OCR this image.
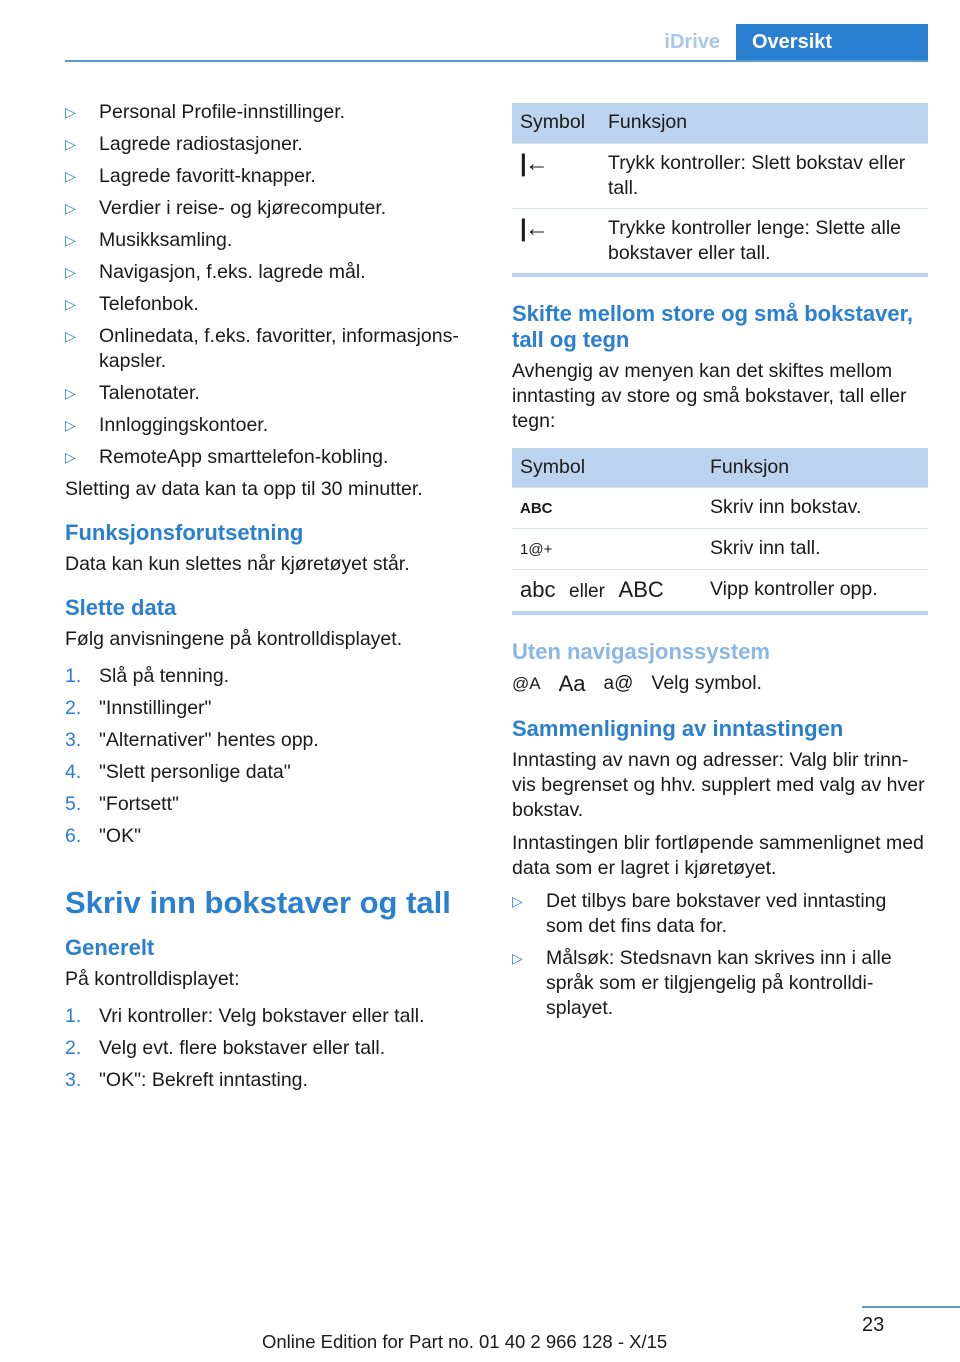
iDrive	Oversikt
▷ Personal Profile-innstillinger.
▷ Lagrede radiostasjoner.
▷ Lagrede favoritt-knapper.
▷ Verdier i reise- og kjørecomputer.
▷ Musikksamling.
▷ Navigasjon, f.eks. lagrede mål.
▷ Telefonbok.
▷ Onlinedata, f.eks. favoritter, informasjons-kapsler.
▷ Talenotater.
▷ Innloggingskontoer.
▷ RemoteApp smarttelefon-kobling.

Sletting av data kan ta opp til 30 minutter.

Funksjonsforutsetning

Data kan kun slettes når kjøretøyet står.

Slette data

Følg anvisningene på kontrolldisplayet.

1. Slå på tenning.
2. "Innstillinger"
3. "Alternativer" hentes opp.
4. "Slett personlige data"
5. "Fortsett"
6. "OK"
Skriv inn bokstaver og tall
Generelt

På kontrolldisplayet:

1. Vri kontroller: Velg bokstaver eller tall.
2. Velg evt. flere bokstaver eller tall.
3. "OK": Bekreft inntasting.
Symbol	Funksjon
|←	Trykk kontroller: Slett bokstav eller tall.
|←	Trykke kontroller lenge: Slette alle bokstaver eller tall.
Skifte mellom store og små bokstaver, tall og tegn

Avhengig av menyen kan det skiftes mellom inntasting av store og små bokstaver, tall eller tegn:

Symbol	Funksjon
ABC	Skriv inn bokstav.
1@+	Skriv inn tall.
abc eller ABC	Vipp kontroller opp.
Uten navigasjonssystem
@A Aa a@ Velg symbol.
Sammenligning av inntastingen

Inntasting av navn og adresser: Valg blir trinn-vis begrenset og hhv. supplert med valg av hver bokstav.

Inntastingen blir fortløpende sammenlignet med data som er lagret i kjøretøyet.

▷ Det tilbys bare bokstaver ved inntasting som det fins data for.
▷ Målsøk: Stedsnavn kan skrives inn i alle språk som er tilgjengelig på kontrolldi-splayet.
23
Online Edition for Part no. 01 40 2 966 128 - X/15
